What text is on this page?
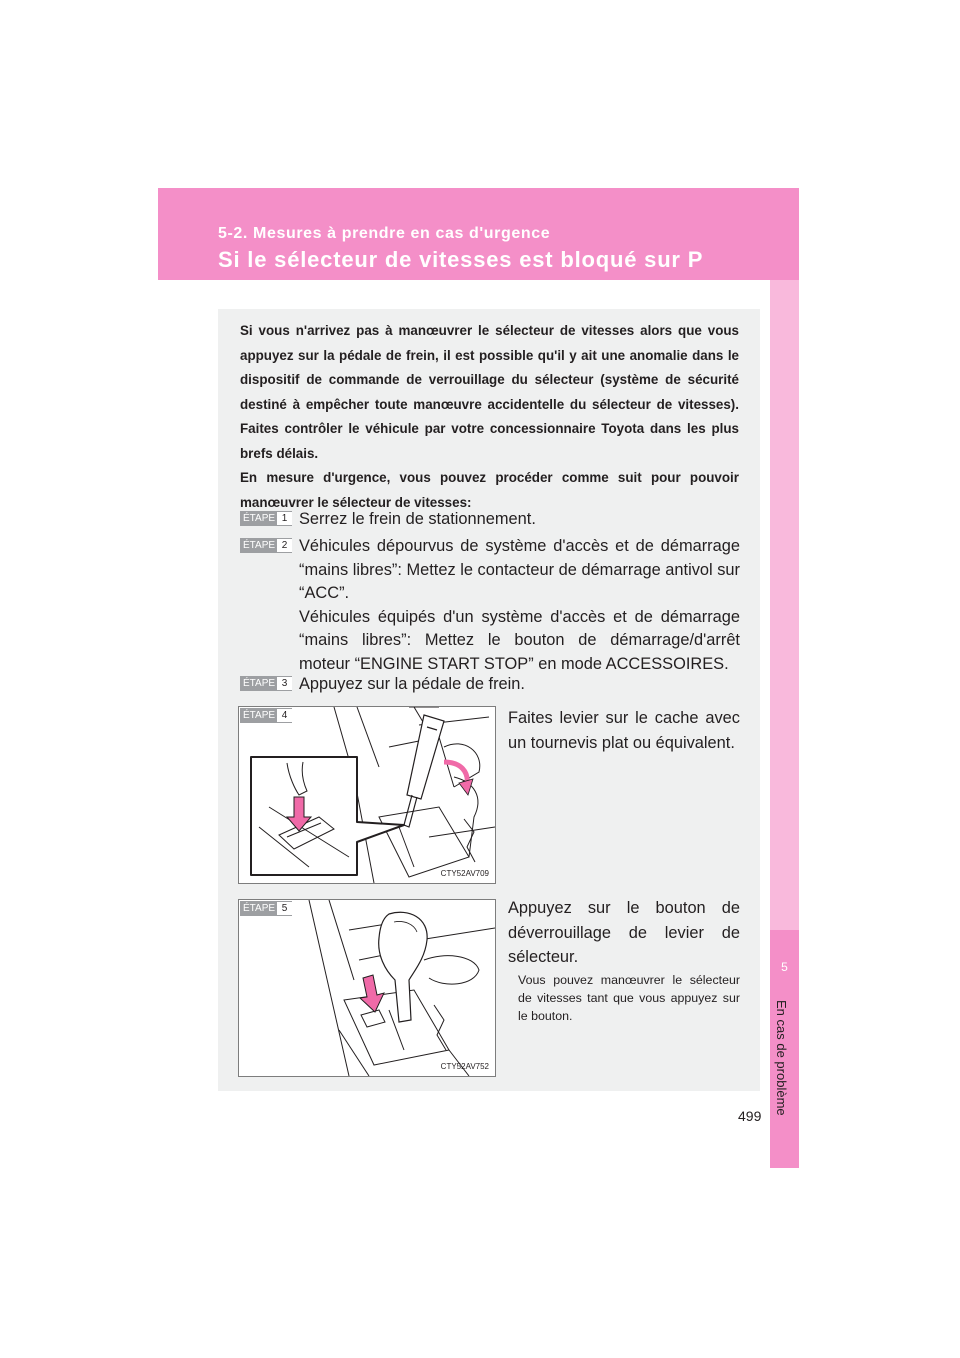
5-2. Mesures à prendre en cas d'urgence
Si le sélecteur de vitesses est bloqué sur P
5
En cas de problème

Si vous n'arrivez pas à manœuvrer le sélecteur de vitesses alors que vous appuyez sur la pédale de frein, il est possible qu'il y ait une anomalie dans le dispositif de commande de verrouillage du sélecteur (système de sécurité destiné à empêcher toute manœuvre accidentelle du sélecteur de vitesses). Faites contrôler le véhicule par votre concessionnaire Toyota dans les plus brefs délais.

En mesure d'urgence, vous pouvez procéder comme suit pour pouvoir manœuvrer le sélecteur de vitesses:

ÉTAPE 1 Serrez le frein de stationnement.
ÉTAPE 2 Véhicules dépourvus de système d'accès et de démarrage “mains libres”: Mettez le contacteur de démarrage antivol sur “ACC”.

Véhicules équipés d'un système d'accès et de démarrage “mains libres”: Mettez le bouton de démarrage/d'arrêt moteur “ENGINE START STOP” en mode ACCESSOIRES.

ÉTAPE 3 Appuyez sur la pédale de frein.
ÉTAPE 4
CTY52AV709
Faites levier sur le cache avec un tournevis plat ou équivalent.
ÉTAPE 5
CTY52AV752
Appuyez sur le bouton de déverrouillage de levier de sélecteur.
Vous pouvez manœuvrer le sélecteur de vitesses tant que vous appuyez sur le bouton.
499
